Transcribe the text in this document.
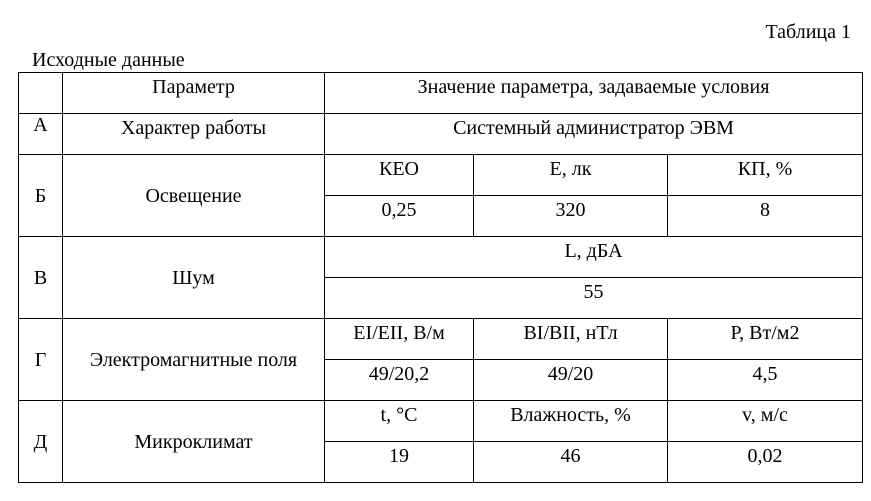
Таблица 1
Исходные данные
	Параметр	Значение параметра, задаваемые условия		
А	Характер работы	Системный администратор ЭВМ		
Б	Освещение	КЕО	Е, лк	КП, %
		0,25	320	8
В	Шум	L, дБА		
		55		
Г	Электромагнитные поля	ЕI/ЕII, В/м	ВI/ВII, нТл	Р, Вт/м2
		49/20,2	49/20	4,5
Д	Микроклимат	t, °С	Влажность, %	v, м/с
		19	46	0,02
